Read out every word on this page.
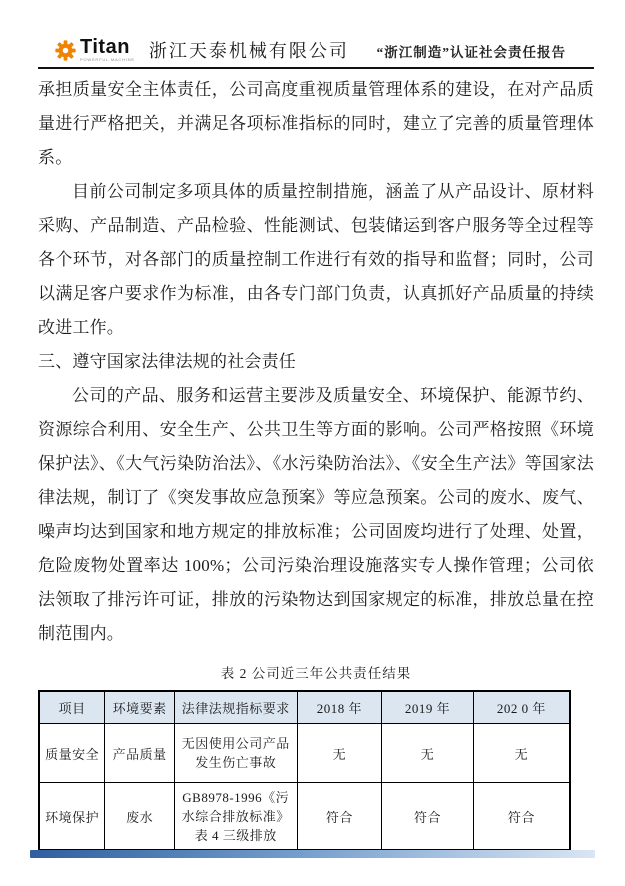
Titan
POWERFUL MACHINE 浙江天泰机械有限公司 “浙江制造”认证社会责任报告

承担质量安全主体责任，公司高度重视质量管理体系的建设，在对产品质量进行严格把关，并满足各项标准指标的同时，建立了完善的质量管理体系。

目前公司制定多项具体的质量控制措施，涵盖了从产品设计、原材料采购、产品制造、产品检验、性能测试、包装储运到客户服务等全过程等各个环节，对各部门的质量控制工作进行有效的指导和监督；同时，公司以满足客户要求作为标准，由各专门部门负责，认真抓好产品质量的持续改进工作。

三、遵守国家法律法规的社会责任

公司的产品、服务和运营主要涉及质量安全、环境保护、能源节约、资源综合利用、安全生产、公共卫生等方面的影响。公司严格按照《环境保护法》、《大气污染防治法》、《水污染防治法》、《安全生产法》等国家法律法规，制订了《突发事故应急预案》等应急预案。公司的废水、废气、噪声均达到国家和地方规定的排放标准；公司固废均进行了处理、处置，危险废物处置率达 100%；公司污染治理设施落实专人操作管理；公司依法领取了排污许可证，排放的污染物达到国家规定的标准，排放总量在控制范围内。

表 2 公司近三年公共责任结果
项目	环境要素	法律法规指标要求	2018 年	2019 年	202 0 年
质量安全	产品质量	无因使用公司产品发生伤亡事故	无	无	无
环境保护	废水	GB8978-1996《污水综合排放标准》表 4 三级排放	符合	符合	符合
